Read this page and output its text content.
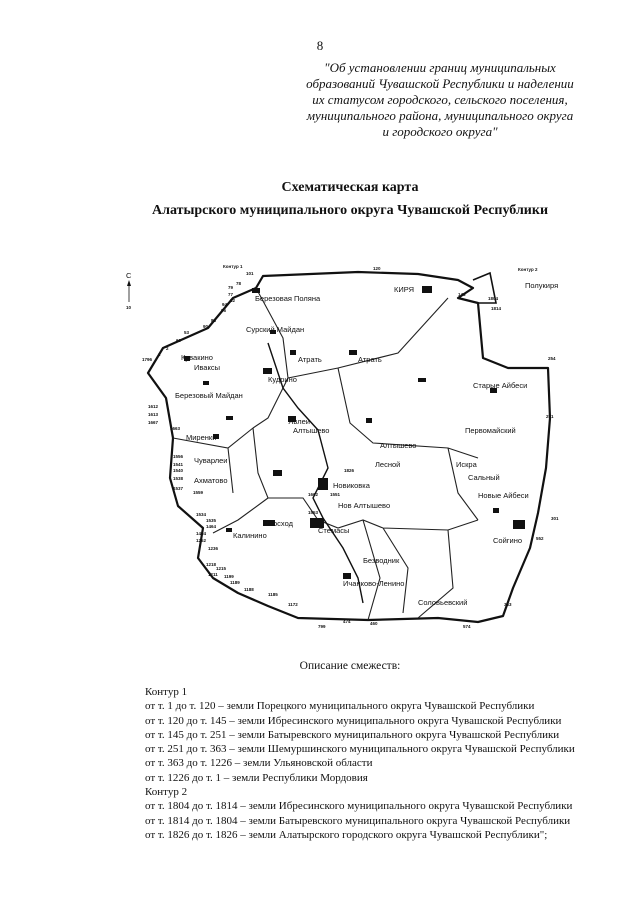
8
"Об установлении границ муниципальных
образований Чувашской Республики и наделении
их статусом городского, сельского поселения,
муниципального района, муниципального округа
и городского округа"
Схематическая карта
Алатырского муниципального округа Чувашской Республики
С
10
Контур 1
Контур 2
Березовая Поляна
Сурский Майдан
КИРЯ	Полукиря
Атрать	Атрать
Кувакино
Иваксы
Кудрино
Березовый Майдан
Старые Айбеси
Первомайский
Явлеи
Алтышево
Алтышево
Миренки
Лесной	Искра
Чуварлеи
Сальный
Ахматово
Новиковка
Новые Айбеси
Нов Алтышево
Восход
Стемасы
Сойгино
Калинино
Безводник
Ичанково-Ленино
Соловьевский
101
78
79
77
82
94
96
88
90
53
60
2
1
120
145
1804
1814
1796
251
254
1612
1613
1667
1663
1556
1541
1540
1538
1537
1559
1534
1535
1464
1454
1252
1236
1218
1215
1211 1199
1189
1188
1185
1172
799
474	460
363
574
301
552
1826
1662	1551
1553
Описание смежеств:
Контур 1
от т. 1 до т. 120 – земли Порецкого муниципального округа Чувашской Республики
от т. 120 до т. 145 – земли Ибресинского муниципального округа Чувашской Республики
от т. 145 до т. 251 – земли Батыревского муниципального округа Чувашской Республики
от т. 251 до т. 363 – земли Шемуршинского муниципального округа Чувашской Республики
от т. 363 до т. 1226 – земли Ульяновской области
от т. 1226 до т. 1 – земли Республики Мордовия
Контур 2
от т. 1804 до т. 1814 – земли Ибресинского муниципального округа Чувашской Республики
от т. 1814 до т. 1804 – земли Батыревского муниципального округа Чувашской Республики
от т. 1826 до т. 1826 – земли Алатырского городского округа Чувашской Республики";
